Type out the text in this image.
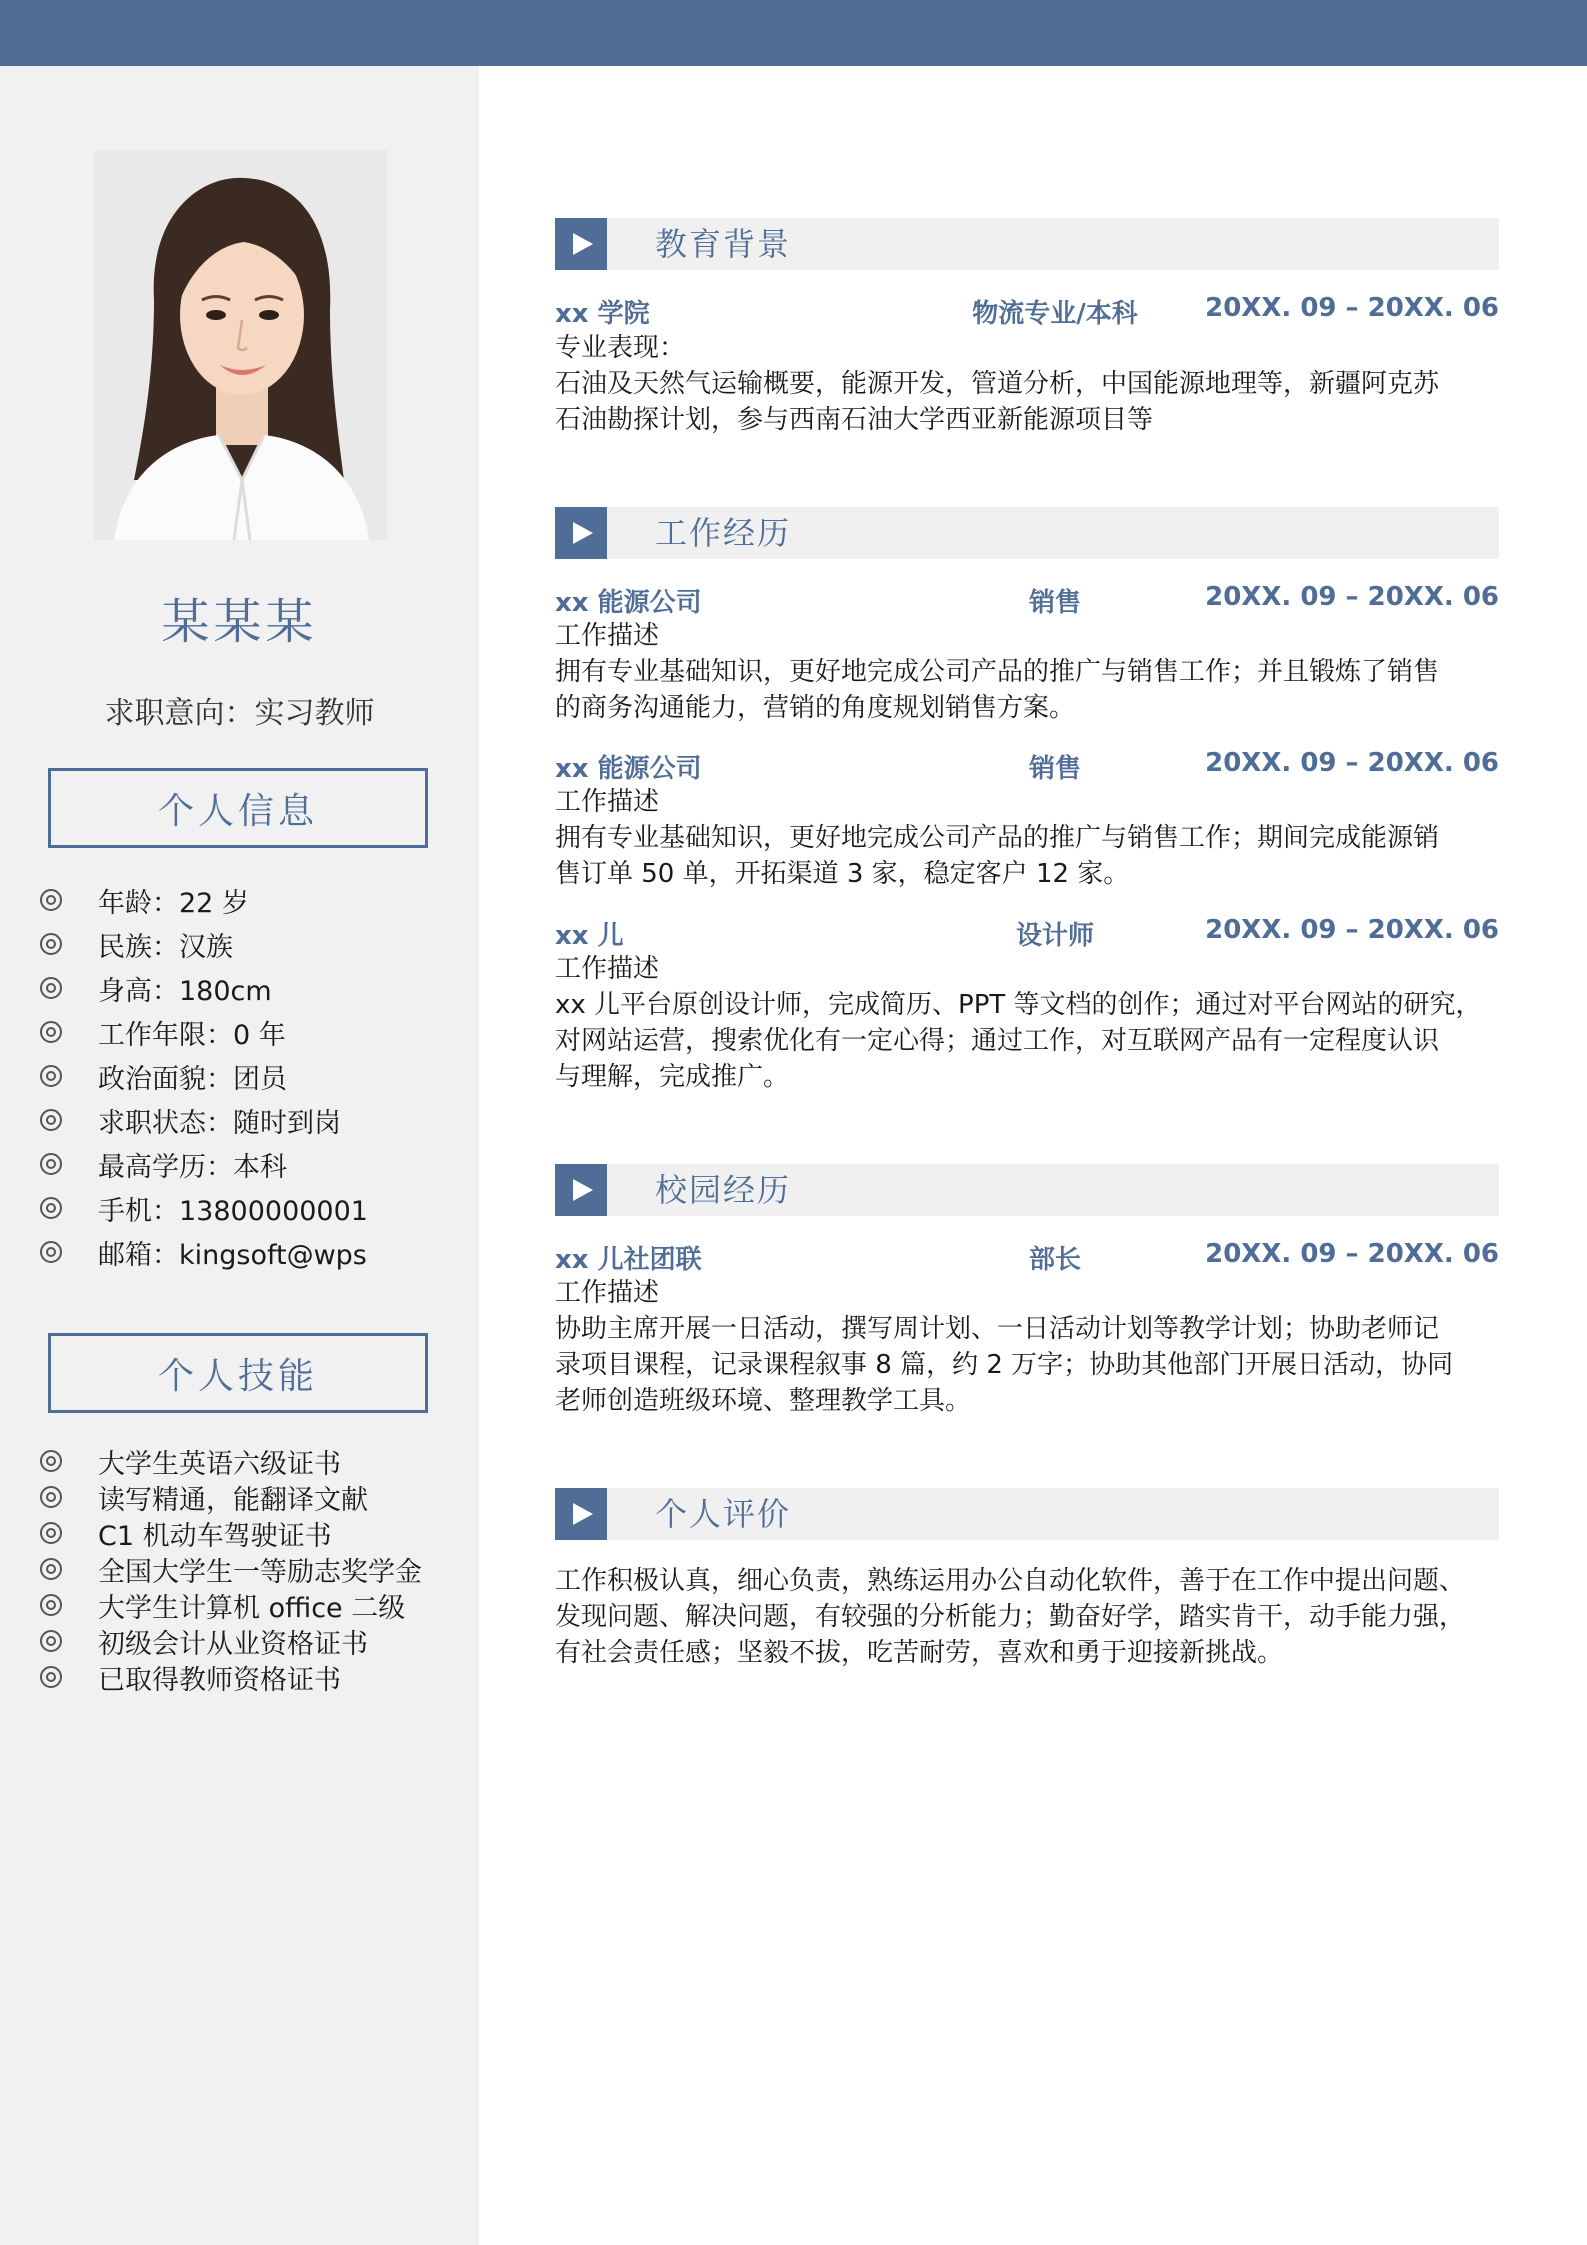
某某某
求职意向：实习教师
个人信息
年龄：22 岁
民族：汉族
身高：180cm
工作年限：0 年
政治面貌：团员
求职状态：随时到岗
最高学历：本科
手机：13800000001
邮箱：kingsoft@wps
个人技能
大学生英语六级证书
读写精通，能翻译文献
C1 机动车驾驶证书
全国大学生一等励志奖学金
大学生计算机 office 二级
初级会计从业资格证书
已取得教师资格证书
教育背景
xx 学院	物流专业/本科	20XX. 09 – 20XX. 06
专业表现：
石油及天然气运输概要，能源开发，管道分析，中国能源地理等，新疆阿克苏
石油勘探计划，参与西南石油大学西亚新能源项目等
工作经历
xx 能源公司	销售	20XX. 09 – 20XX. 06
工作描述
拥有专业基础知识，更好地完成公司产品的推广与销售工作；并且锻炼了销售
的商务沟通能力，营销的角度规划销售方案。
xx 能源公司	销售	20XX. 09 – 20XX. 06
工作描述
拥有专业基础知识，更好地完成公司产品的推广与销售工作；期间完成能源销
售订单 50 单，开拓渠道 3 家，稳定客户 12 家。
xx 儿	设计师	20XX. 09 – 20XX. 06
工作描述
xx 儿平台原创设计师，完成简历、PPT 等文档的创作；通过对平台网站的研究，
对网站运营，搜索优化有一定心得；通过工作，对互联网产品有一定程度认识
与理解，完成推广。
校园经历
xx 儿社团联	部长	20XX. 09 – 20XX. 06
工作描述
协助主席开展一日活动，撰写周计划、一日活动计划等教学计划；协助老师记
录项目课程，记录课程叙事 8 篇，约 2 万字；协助其他部门开展日活动，协同
老师创造班级环境、整理教学工具。
个人评价
工作积极认真，细心负责，熟练运用办公自动化软件，善于在工作中提出问题、
发现问题、解决问题，有较强的分析能力；勤奋好学，踏实肯干，动手能力强，
有社会责任感；坚毅不拔，吃苦耐劳，喜欢和勇于迎接新挑战。
